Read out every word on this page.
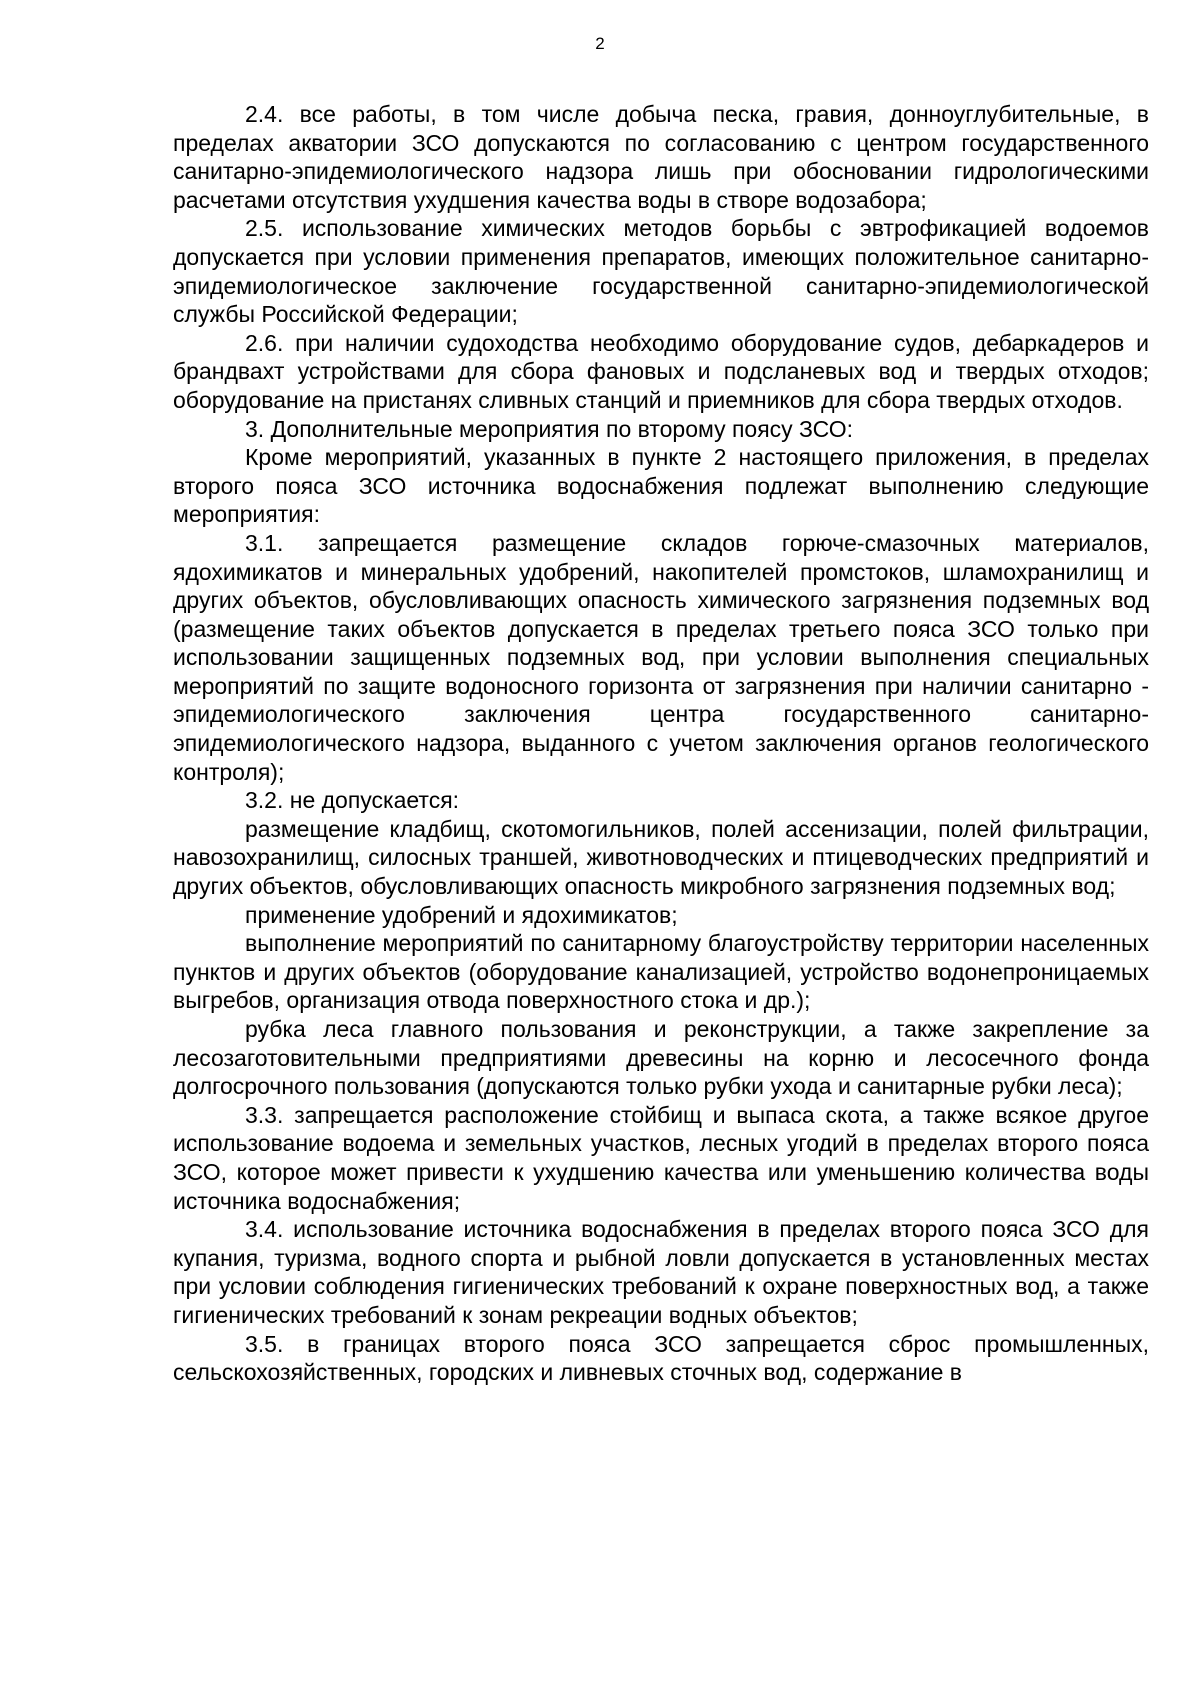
2

2.4. все работы, в том числе добыча песка, гравия, донноуглубительные, в пределах акватории ЗСО допускаются по согласованию с центром государственного санитарно-эпидемиологического надзора лишь при обосновании гидрологическими расчетами отсутствия ухудшения качества воды в створе водозабора;

2.5. использование химических методов борьбы с эвтрофикацией водоемов допускается при условии применения препаратов, имеющих положительное санитарно-эпидемиологическое заключение государственной санитарно-эпидемиологической службы Российской Федерации;

2.6. при наличии судоходства необходимо оборудование судов, дебаркадеров и брандвахт устройствами для сбора фановых и подсланевых вод и твердых отходов; оборудование на пристанях сливных станций и приемников для сбора твердых отходов.

3. Дополнительные мероприятия по второму поясу ЗСО:

Кроме мероприятий, указанных в пункте 2 настоящего приложения, в пределах второго пояса ЗСО источника водоснабжения подлежат выполнению следующие мероприятия:

3.1. запрещается размещение складов горюче-смазочных материалов, ядохимикатов и минеральных удобрений, накопителей промстоков, шламохранилищ и других объектов, обусловливающих опасность химического загрязнения подземных вод (размещение таких объектов допускается в пределах третьего пояса ЗСО только при использовании защищенных подземных вод, при условии выполнения специальных мероприятий по защите водоносного горизонта от загрязнения при наличии санитарно - эпидемиологического заключения центра государственного санитарно-эпидемиологического надзора, выданного с учетом заключения органов геологического контроля);

3.2. не допускается:

размещение кладбищ, скотомогильников, полей ассенизации, полей фильтрации, навозохранилищ, силосных траншей, животноводческих и птицеводческих предприятий и других объектов, обусловливающих опасность микробного загрязнения подземных вод;

применение удобрений и ядохимикатов;

выполнение мероприятий по санитарному благоустройству территории населенных пунктов и других объектов (оборудование канализацией, устройство водонепроницаемых выгребов, организация отвода поверхностного стока и др.);

рубка леса главного пользования и реконструкции, а также закрепление за лесозаготовительными предприятиями древесины на корню и лесосечного фонда долгосрочного пользования (допускаются только рубки ухода и санитарные рубки леса);

3.3. запрещается расположение стойбищ и выпаса скота, а также всякое другое использование водоема и земельных участков, лесных угодий в пределах второго пояса ЗСО, которое может привести к ухудшению качества или уменьшению количества воды источника водоснабжения;

3.4. использование источника водоснабжения в пределах второго пояса ЗСО для купания, туризма, водного спорта и рыбной ловли допускается в установленных местах при условии соблюдения гигиенических требований к охране поверхностных вод, а также гигиенических требований к зонам рекреации водных объектов;

3.5. в границах второго пояса ЗСО запрещается сброс промышленных, сельскохозяйственных, городских и ливневых сточных вод, содержание в
